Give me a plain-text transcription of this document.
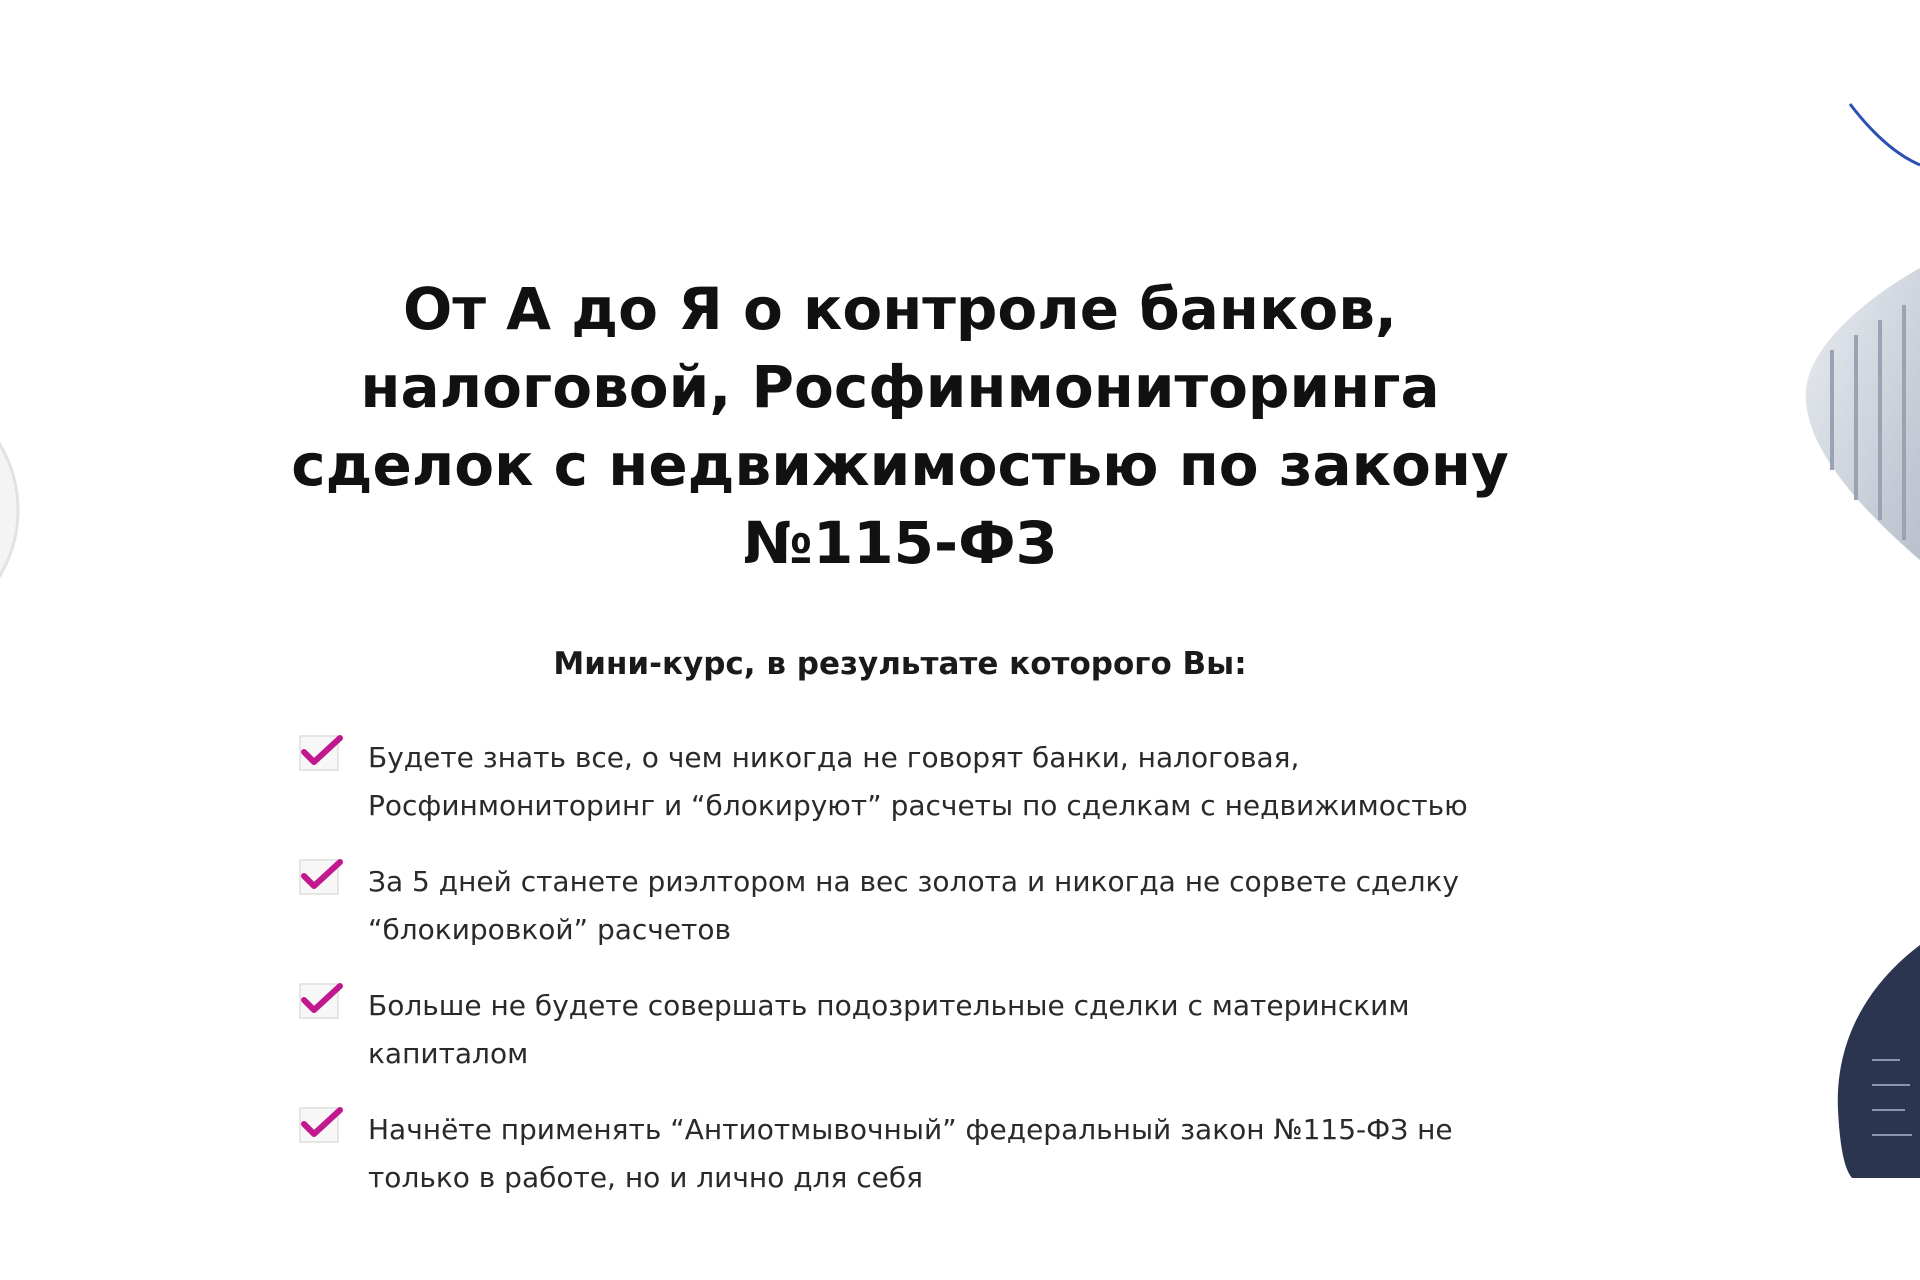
От А до Я о контроле банков, налоговой, Росфинмониторинга сделок с недвижимостью по закону №115-ФЗ

Мини-курс, в результате которого Вы:

Будете знать все, о чем никогда не говорят банки, налоговая, Росфинмониторинг и “блокируют” расчеты по сделкам с недвижимостью
За 5 дней станете риэлтором на вес золота и никогда не сорвете сделку “блокировкой” расчетов
Больше не будете совершать подозрительные сделки с материнским капиталом
Начнёте применять “Антиотмывочный” федеральный закон №115-ФЗ не только в работе, но и лично для себя
